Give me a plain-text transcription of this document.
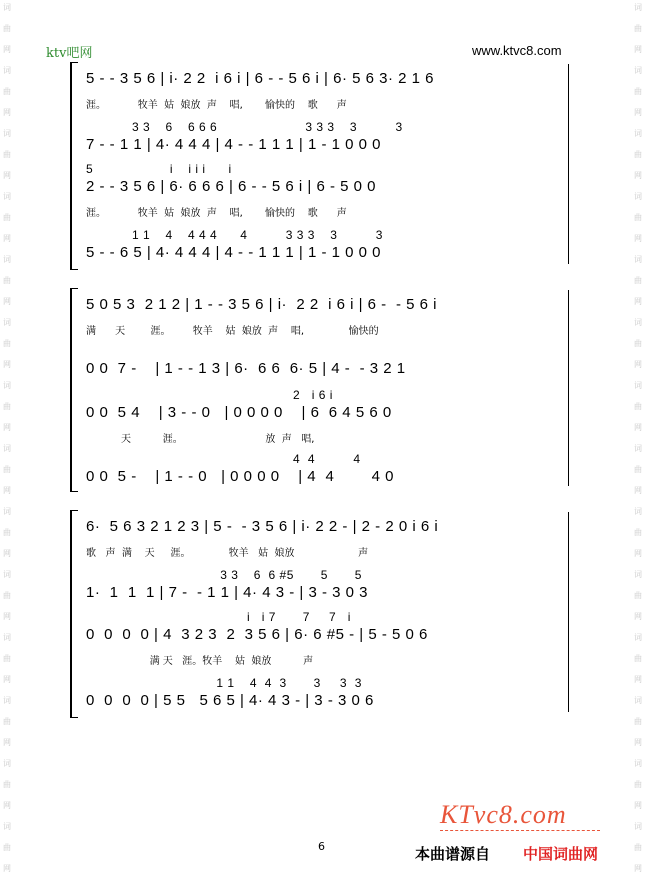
词
曲
网
词
曲
网
词
曲
网
词
曲
网
词
曲
网
词
曲
网
词
曲
网
词
曲
网
词
曲
网
词
曲
网
词
曲
网
词
曲
网
词
曲
网
词
曲
网
词
曲
网
词
曲
网
词
曲
网
词
曲
网
词
曲
网
词
曲
网
词
曲
网
词
曲
网
词
曲
网
词
曲
网
词
曲
网
词
曲
网
词
曲
网
词
曲
网
ktv吧网	www.ktvc8.com
5 - - 3 5 6 | i· 2 2  i 6 i | 6 - - 5 6 i | 6· 5 6 3· 2 1 6
涯。          牧羊  姑  娘放  声    唱,       愉快的    歌      声
3 3    6    6 6 6                       3 3 3    3          3
7 - - 1 1 | 4· 4 4 4 | 4 - - 1 1 1 | 1 - 1 0 0 0
5                    i    i i i      i
2 - - 3 5 6 | 6· 6 6 6 | 6 - - 5 6 i | 6 - 5 0 0
涯。          牧羊  姑  娘放  声    唱,       愉快的    歌      声
1 1    4    4 4 4      4          3 3 3    3          3
5 - - 6 5 | 4· 4 4 4 | 4 - - 1 1 1 | 1 - 1 0 0 0
5 0 5 3  2 1 2 | 1 - - 3 5 6 | i·  2 2  i 6 i | 6 -  - 5 6 i
满      天        涯。       牧羊    姑  娘放  声    唱,              愉快的
0 0  7 -    | 1 - - 1 3 | 6·  6 6  6· 5 | 4 -  - 3 2 1
2   i 6 i
0 0  5 4    | 3 - - 0   | 0 0 0 0    | 6  6 4 5 6 0
天          涯。                          放  声   唱,
4  4          4
0 0  5 -    | 1 - - 0   | 0 0 0 0    | 4  4        4 0
6·  5 6 3 2 1 2 3 | 5 -  - 3 5 6 | i· 2 2 - | 2 - 2 0 i 6 i
歌   声  满    天     涯。            牧羊   姑  娘放                    声
3 3    6  6 #5       5       5
1·  1  1  1 | 7 -  - 1 1 | 4· 4 3 - | 3 - 3 0 3
i   i 7       7     7   i
0  0  0  0 | 4  3 2 3  2  3 5 6 | 6· 6 #5 - | 5 - 5 0 6
满 天   涯。牧羊    姑  娘放          声
1 1    4  4  3       3     3  3
0  0  0  0 | 5 5   5 6 5 | 4· 4 3 - | 3 - 3 0 6
KTvc8.com
6	本曲谱源自 中国词曲网
